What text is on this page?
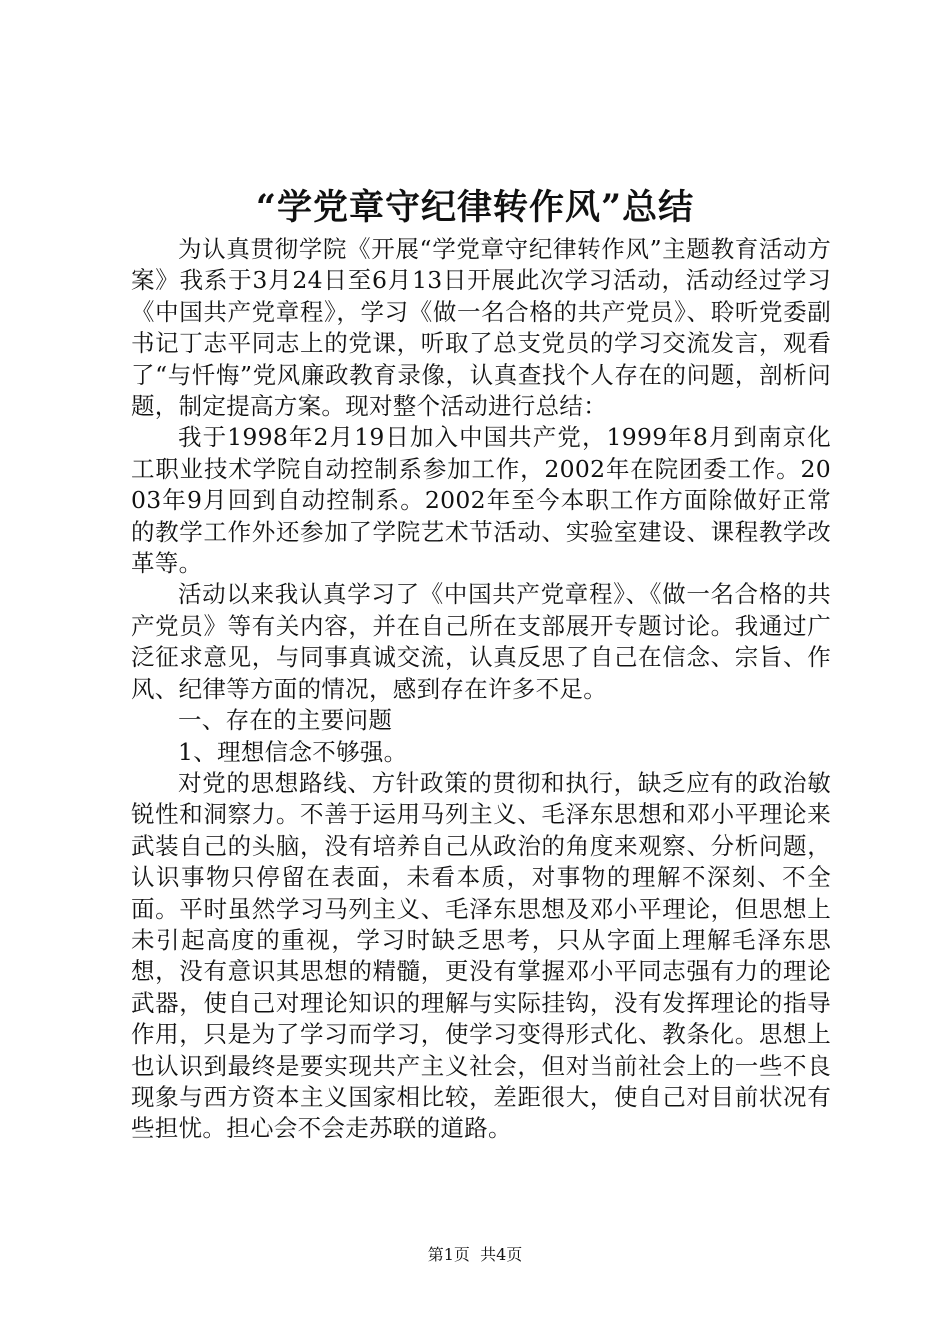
“学党章守纪律转作风”总结

为认真贯彻学院《开展“学党章守纪律转作风”主题教育活动方案》我系于3月24日至6月13日开展此次学习活动，活动经过学习《中国共产党章程》，学习《做一名合格的共产党员》、聆听党委副书记丁志平同志上的党课，听取了总支党员的学习交流发言，观看了“与忏悔”党风廉政教育录像，认真查找个人存在的问题，剖析问题，制定提高方案。现对整个活动进行总结：

我于1998年2月19日加入中国共产党，1999年8月到南京化工职业技术学院自动控制系参加工作，2002年在院团委工作。2003年9月回到自动控制系。2002年至今本职工作方面除做好正常的教学工作外还参加了学院艺术节活动、实验室建设、课程教学改革等。

活动以来我认真学习了《中国共产党章程》、《做一名合格的共产党员》等有关内容，并在自己所在支部展开专题讨论。我通过广泛征求意见，与同事真诚交流，认真反思了自己在信念、宗旨、作风、纪律等方面的情况，感到存在许多不足。

一、存在的主要问题

1、理想信念不够强。

对党的思想路线、方针政策的贯彻和执行，缺乏应有的政治敏锐性和洞察力。不善于运用马列主义、毛泽东思想和邓小平理论来武装自己的头脑，没有培养自己从政治的角度来观察、分析问题，认识事物只停留在表面，未看本质，对事物的理解不深刻、不全面。平时虽然学习马列主义、毛泽东思想及邓小平理论，但思想上未引起高度的重视，学习时缺乏思考，只从字面上理解毛泽东思想，没有意识其思想的精髓，更没有掌握邓小平同志强有力的理论武器，使自己对理论知识的理解与实际挂钩，没有发挥理论的指导作用，只是为了学习而学习，使学习变得形式化、教条化。思想上也认识到最终是要实现共产主义社会，但对当前社会上的一些不良现象与西方资本主义国家相比较，差距很大，使自己对目前状况有些担忧。担心会不会走苏联的道路。

第1页 共4页
